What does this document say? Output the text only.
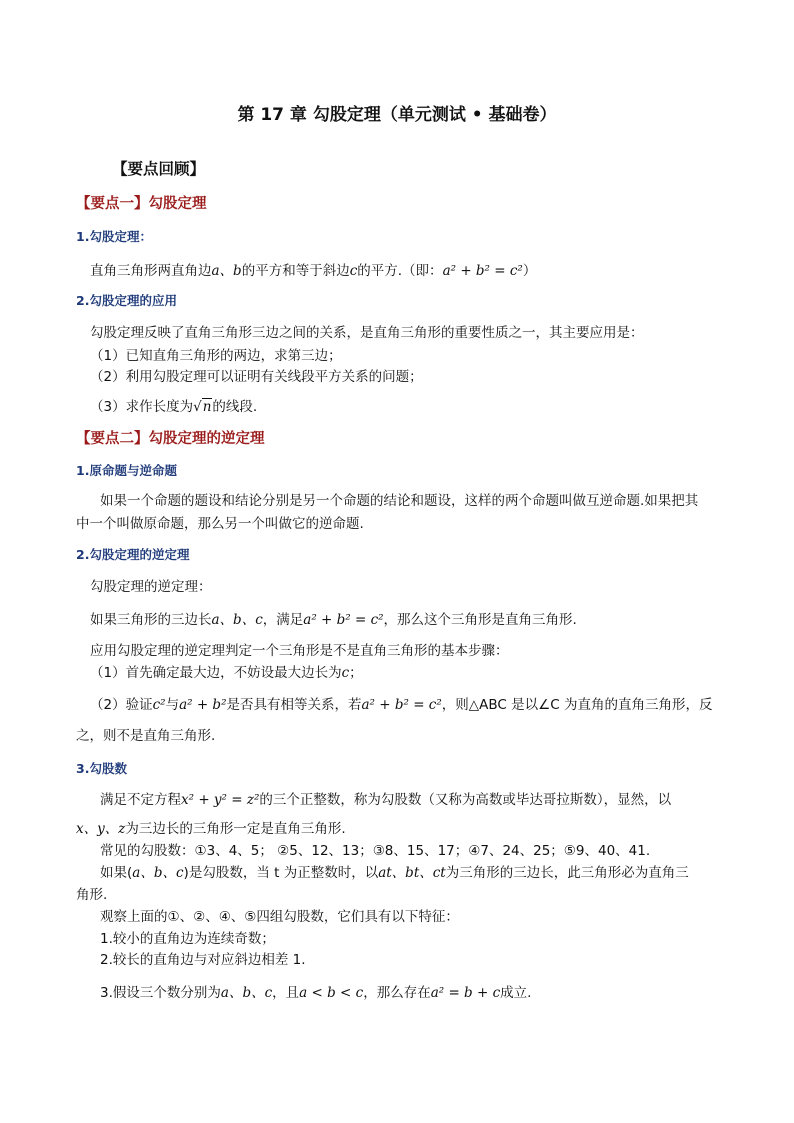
第 17 章 勾股定理（单元测试 • 基础卷）
【要点回顾】
【要点一】勾股定理
1.勾股定理：
直角三角形两直角边a、b的平方和等于斜边c的平方.（即：a² + b² = c²）
2.勾股定理的应用
勾股定理反映了直角三角形三边之间的关系，是直角三角形的重要性质之一，其主要应用是：
（1）已知直角三角形的两边，求第三边；
（2）利用勾股定理可以证明有关线段平方关系的问题；
（3）求作长度为√n的线段.
【要点二】勾股定理的逆定理
1.原命题与逆命题
如果一个命题的题设和结论分别是另一个命题的结论和题设，这样的两个命题叫做互逆命题.如果把其
中一个叫做原命题，那么另一个叫做它的逆命题.
2.勾股定理的逆定理
勾股定理的逆定理：
如果三角形的三边长a、b、c，满足a² + b² = c²，那么这个三角形是直角三角形.
应用勾股定理的逆定理判定一个三角形是不是直角三角形的基本步骤：
（1）首先确定最大边，不妨设最大边长为c；
（2）验证c²与a² + b²是否具有相等关系，若a² + b² = c²，则△ABC 是以∠C 为直角的直角三角形，反
之，则不是直角三角形.
3.勾股数
满足不定方程x² + y² = z²的三个正整数，称为勾股数（又称为高数或毕达哥拉斯数），显然，以
x、y、z为三边长的三角形一定是直角三角形.
常见的勾股数：①3、4、5； ②5、12、13；③8、15、17；④7、24、25；⑤9、40、41.
如果(a、b、c)是勾股数，当 t 为正整数时，以at、bt、ct为三角形的三边长，此三角形必为直角三
角形.
观察上面的①、②、④、⑤四组勾股数，它们具有以下特征：
1.较小的直角边为连续奇数；
2.较长的直角边与对应斜边相差 1.
3.假设三个数分别为a、b、c，且a < b < c，那么存在a² = b + c成立.
